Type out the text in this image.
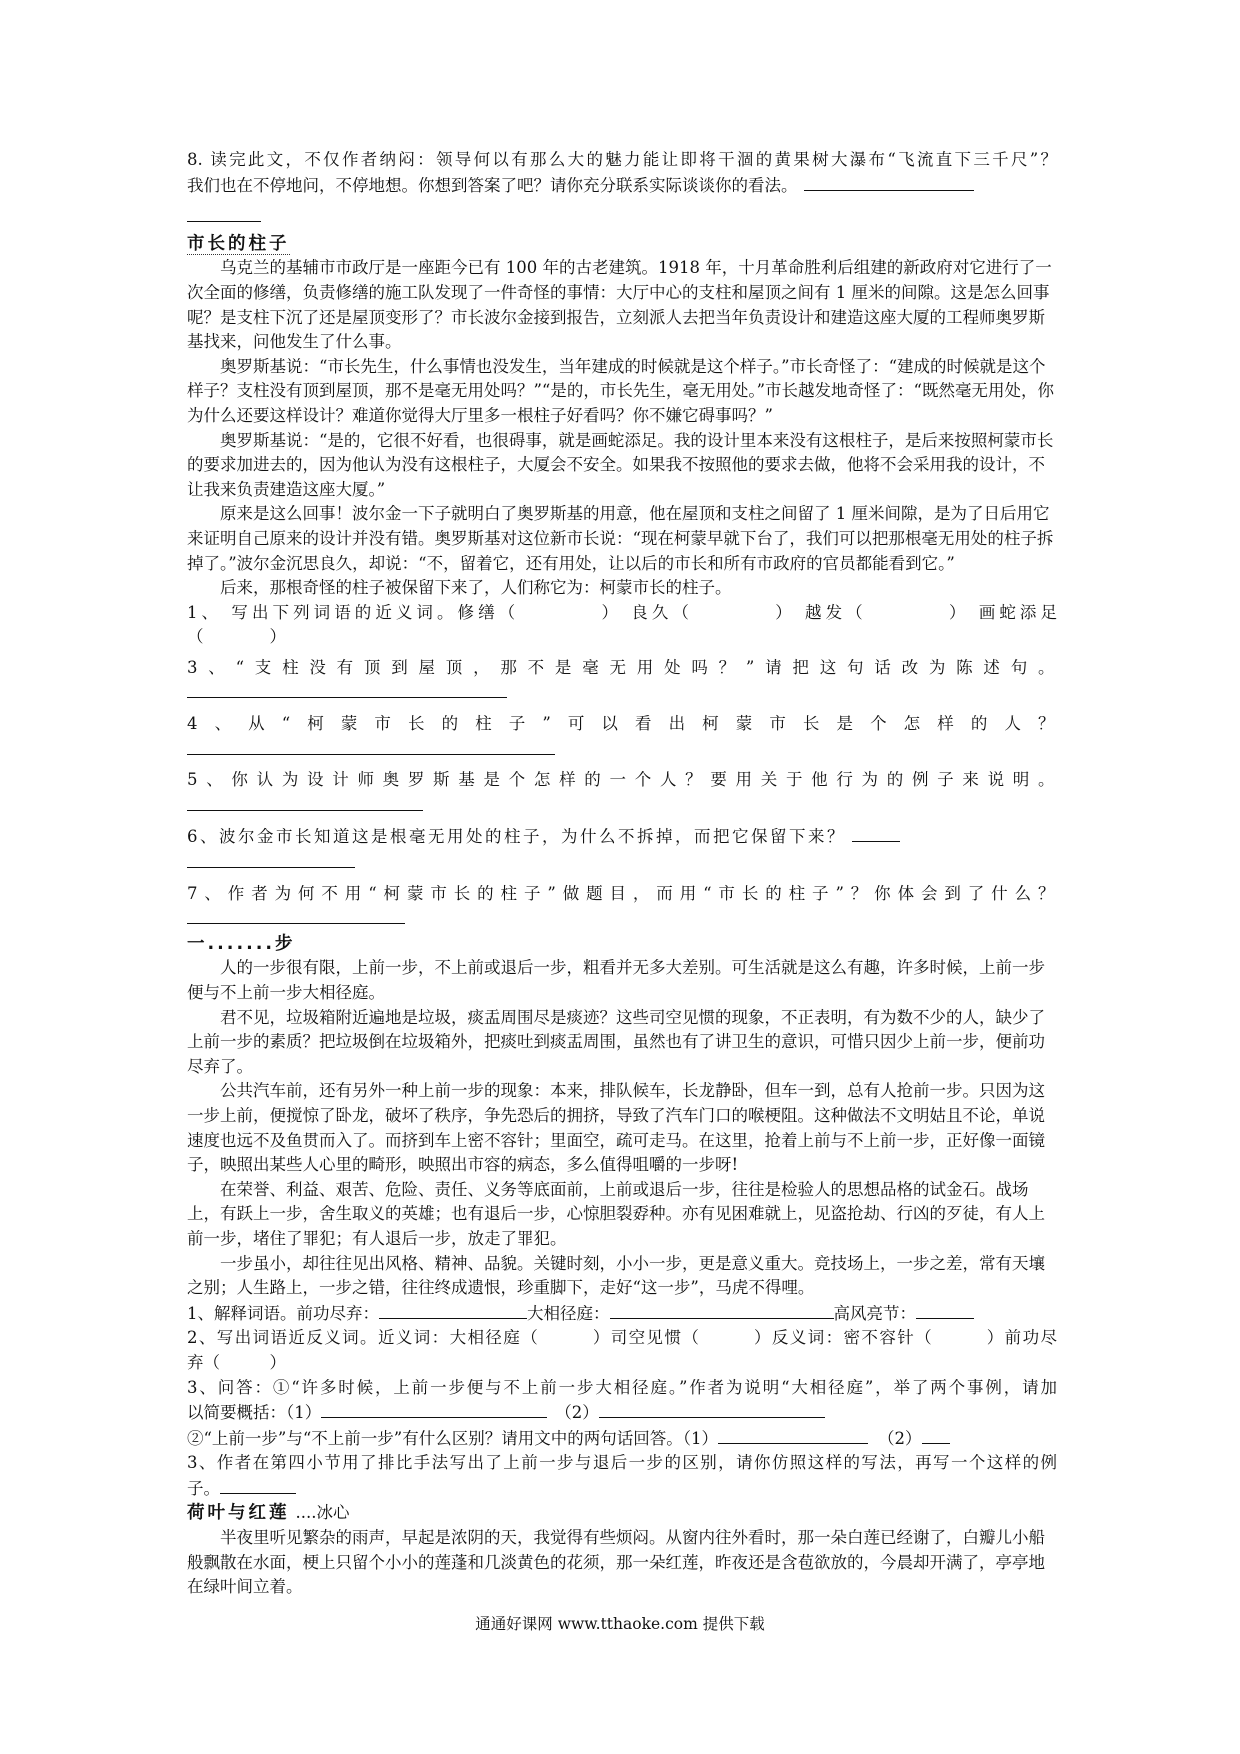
8. 读完此文，不仅作者纳闷：领导何以有那么大的魅力能让即将干涸的黄果树大瀑布“飞流直下三千尺”？

我们也在不停地问，不停地想。你想到答案了吧？请你充分联系实际谈谈你的看法。

市长的柱子

乌克兰的基辅市市政厅是一座距今已有 100 年的古老建筑。1918 年，十月革命胜利后组建的新政府对它进行了一次全面的修缮，负责修缮的施工队发现了一件奇怪的事情：大厅中心的支柱和屋顶之间有 1 厘米的间隙。这是怎么回事呢？是支柱下沉了还是屋顶变形了？市长波尔金接到报告，立刻派人去把当年负责设计和建造这座大厦的工程师奥罗斯基找来，问他发生了什么事。

奥罗斯基说：“市长先生，什么事情也没发生，当年建成的时候就是这个样子。”市长奇怪了：“建成的时候就是这个样子？支柱没有顶到屋顶，那不是毫无用处吗？”“是的，市长先生，毫无用处。”市长越发地奇怪了：“既然毫无用处，你为什么还要这样设计？难道你觉得大厅里多一根柱子好看吗？你不嫌它碍事吗？”

奥罗斯基说：“是的，它很不好看，也很碍事，就是画蛇添足。我的设计里本来没有这根柱子，是后来按照柯蒙市长的要求加进去的，因为他认为没有这根柱子，大厦会不安全。如果我不按照他的要求去做，他将不会采用我的设计，不让我来负责建造这座大厦。”

原来是这么回事！波尔金一下子就明白了奥罗斯基的用意，他在屋顶和支柱之间留了 1 厘米间隙，是为了日后用它来证明自己原来的设计并没有错。奥罗斯基对这位新市长说：“现在柯蒙早就下台了，我们可以把那根毫无用处的柱子拆掉了。”波尔金沉思良久，却说：“不，留着它，还有用处，让以后的市长和所有市政府的官员都能看到它。”

后来，那根奇怪的柱子被保留下来了，人们称它为：柯蒙市长的柱子。

1、 写出下列词语的近义词。修缮（　　　　） 良久（　　　　） 越发（　　　　） 画蛇添足

（　　　　）

3、“支柱没有顶到屋顶，那不是毫无用处吗？”请把这句话改为陈述句。

4、从“柯蒙市长的柱子”可以看出柯蒙市长是个怎样的人？

5、你认为设计师奥罗斯基是个怎样的一个人？要用关于他行为的例子来说明。

6、波尔金市长知道这是根毫无用处的柱子，为什么不拆掉，而把它保留下来？

7、作者为何不用“柯蒙市长的柱子”做题目，而用“市长的柱子”？你体会到了什么？

一.......步

人的一步很有限，上前一步，不上前或退后一步，粗看并无多大差别。可生活就是这么有趣，许多时候，上前一步便与不上前一步大相径庭。

君不见，垃圾箱附近遍地是垃圾，痰盂周围尽是痰迹？这些司空见惯的现象，不正表明，有为数不少的人，缺少了上前一步的素质？把垃圾倒在垃圾箱外，把痰吐到痰盂周围，虽然也有了讲卫生的意识，可惜只因少上前一步，便前功尽弃了。

公共汽车前，还有另外一种上前一步的现象：本来，排队候车，长龙静卧，但车一到，总有人抢前一步。只因为这一步上前，便搅惊了卧龙，破坏了秩序，争先恐后的拥挤，导致了汽车门口的喉梗阻。这种做法不文明姑且不论，单说速度也远不及鱼贯而入了。而挤到车上密不容针；里面空，疏可走马。在这里，抢着上前与不上前一步，正好像一面镜子，映照出某些人心里的畸形，映照出市容的病态，多么值得咀嚼的一步呀!

在荣誉、利益、艰苦、危险、责任、义务等底面前，上前或退后一步，往往是检验人的思想品格的试金石。战场上，有跃上一步，舍生取义的英雄；也有退后一步，心惊胆裂孬种。亦有见困难就上，见盗抢劫、行凶的歹徒，有人上前一步，堵住了罪犯；有人退后一步，放走了罪犯。

一步虽小，却往往见出风格、精神、品貌。关键时刻，小小一步，更是意义重大。竞技场上，一步之差，常有天壤之别；人生路上，一步之错，往往终成遗恨，珍重脚下，走好“这一步”，马虎不得哩。

1、解释词语。前功尽弃：	大相径庭：	高风亮节：

2、写出词语近反义词。近义词：大相径庭（　　　）司空见惯（　　　）反义词：密不容针（　　　）前功尽

弃（　　　）

3、问答：①“许多时候，上前一步便与不上前一步大相径庭。”作者为说明“大相径庭”，举了两个事例，请加

以简要概括：（1）	（2）

②“上前一步”与“不上前一步”有什么区别？请用文中的两句话回答。（1）	（2）

3、作者在第四小节用了排比手法写出了上前一步与退后一步的区别，请你仿照这样的写法，再写一个这样的例

子。

荷叶与红莲 ....冰心

半夜里听见繁杂的雨声，早起是浓阴的天，我觉得有些烦闷。从窗内往外看时，那一朵白莲已经谢了，白瓣儿小船般飘散在水面，梗上只留个小小的莲蓬和几淡黄色的花须，那一朵红莲，昨夜还是含苞欲放的，今晨却开满了，亭亭地在绿叶间立着。

通通好课网 www.tthaoke.com 提供下载
